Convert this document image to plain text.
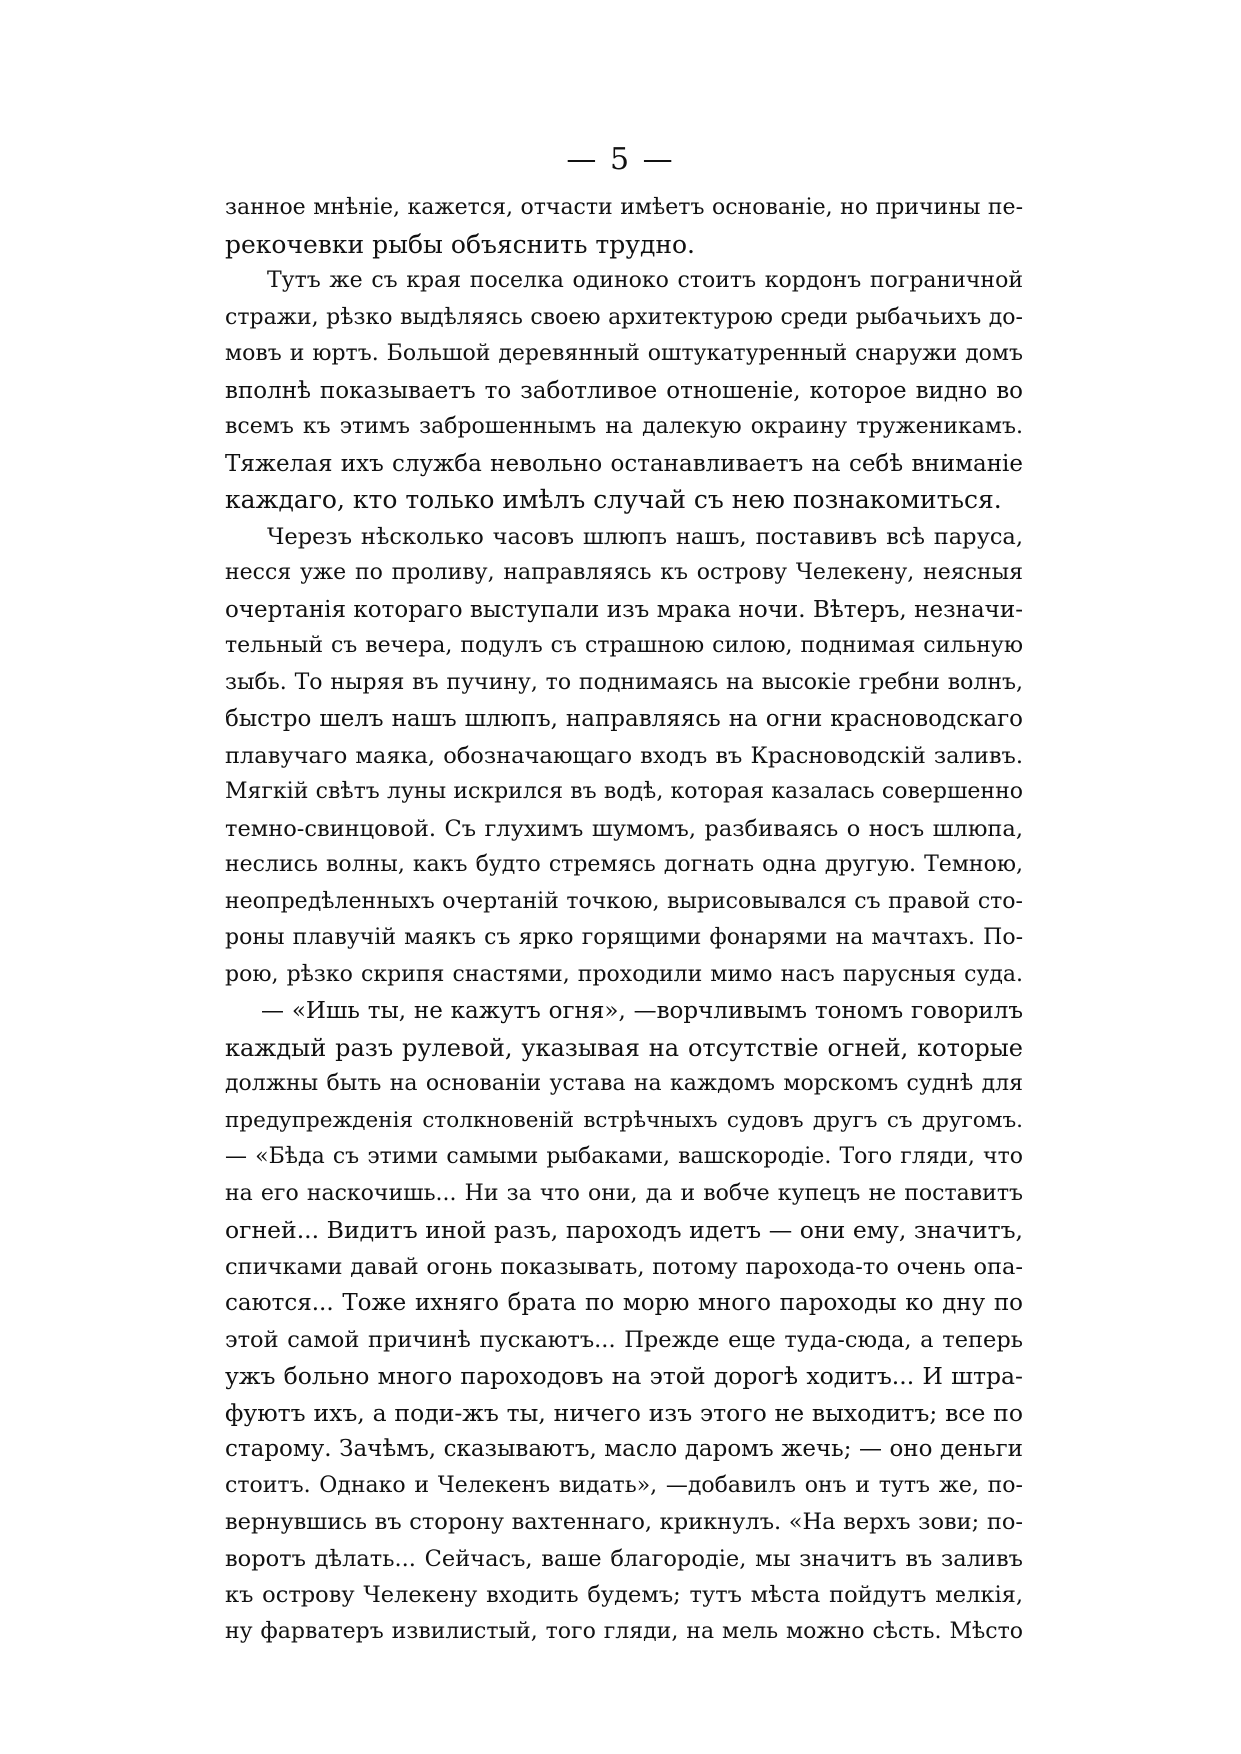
— 5 —
занное мнѣніе, кажется, отчасти имѣетъ основаніе, но причины пе-
рекочевки рыбы объяснить трудно.
Тутъ же съ края поселка одиноко стоитъ кордонъ пограничной
стражи, рѣзко выдѣляясь своею архитектурою среди рыбачьихъ до-
мовъ и юртъ. Большой деревянный оштукатуренный снаружи домъ
вполнѣ показываетъ то заботливое отношеніе, которое видно во
всемъ къ этимъ заброшеннымъ на далекую окраину труженикамъ.
Тяжелая ихъ служба невольно останавливаетъ на себѣ вниманіе
каждаго, кто только имѣлъ случай съ нею познакомиться.
Черезъ нѣсколько часовъ шлюпъ нашъ, поставивъ всѣ паруса,
несся уже по проливу, направляясь къ острову Челекену, неясныя
очертанія котораго выступали изъ мрака ночи. Вѣтеръ, незначи-
тельный съ вечера, подулъ съ страшною силою, поднимая сильную
зыбь. То ныряя въ пучину, то поднимаясь на высокіе гребни волнъ,
быстро шелъ нашъ шлюпъ, направляясь на огни красноводскаго
плавучаго маяка, обозначающаго входъ въ Красноводскій заливъ.
Мягкій свѣтъ луны искрился въ водѣ, которая казалась совершенно
темно-свинцовой. Съ глухимъ шумомъ, разбиваясь о носъ шлюпа,
неслись волны, какъ будто стремясь догнать одна другую. Темною,
неопредѣленныхъ очертаній точкою, вырисовывался съ правой сто-
роны плавучій маякъ съ ярко горящими фонарями на мачтахъ. По-
рою, рѣзко скрипя снастями, проходили мимо насъ парусныя суда.
— «Ишь ты, не кажутъ огня», —ворчливымъ тономъ говорилъ
каждый разъ рулевой, указывая на отсутствіе огней, которые
должны быть на основаніи устава на каждомъ морскомъ суднѣ для
предупрежденія столкновеній встрѣчныхъ судовъ другъ съ другомъ.
— «Бѣда съ этими самыми рыбаками, вашскородіе. Того гляди, что
на его наскочишь... Ни за что они, да и вобче купецъ не поставитъ
огней... Видитъ иной разъ, пароходъ идетъ — они ему, значитъ,
спичками давай огонь показывать, потому парохода-то очень опа-
саются... Тоже ихняго брата по морю много пароходы ко дну по
этой самой причинѣ пускаютъ... Прежде еще туда-сюда, а теперь
ужъ больно много пароходовъ на этой дорогѣ ходитъ... И штра-
фуютъ ихъ, а поди-жъ ты, ничего изъ этого не выходитъ; все по
старому. Зачѣмъ, сказываютъ, масло даромъ жечь; — оно деньги
стоитъ. Однако и Челекенъ видать», —добавилъ онъ и тутъ же, по-
вернувшись въ сторону вахтеннаго, крикнулъ. «На верхъ зови; по-
воротъ дѣлать... Сейчасъ, ваше благородіе, мы значитъ въ заливъ
къ острову Челекену входить будемъ; тутъ мѣста пойдутъ мелкія,
ну фарватеръ извилистый, того гляди, на мель можно сѣсть. Мѣсто
